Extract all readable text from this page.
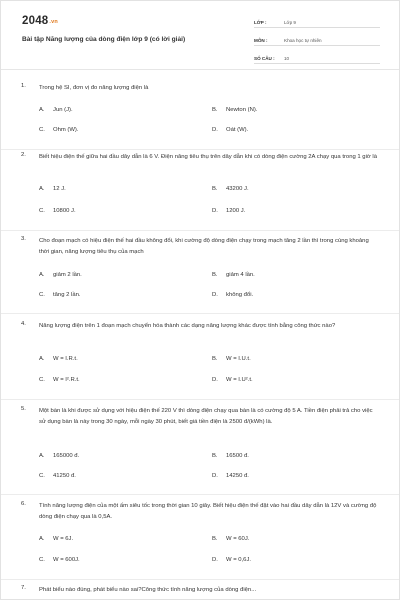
2048.vn
Bài tập Năng lượng của dòng điện lớp 9 (có lời giải)
LỚP :	Lớp 9
MÔN :	Khoa học tự nhiên
SỐ CÂU :	10
1. Trong hệ SI, đơn vị đo năng lượng điện là
A. Jun (J).	B. Newton (N).
C. Ohm (W).	D. Oát (W).
2. Biết hiệu điện thế giữa hai đầu dây dẫn là 6 V. Điện năng tiêu thụ trên dây dẫn khi có dòng điện cường 2A chạy qua trong 1 giờ là
A. 12 J.	B. 43200 J.
C. 10800 J.	D. 1200 J.
3. Cho đoạn mạch có hiệu điện thế hai đầu không đổi, khi cường độ dòng điện chạy trong mạch tăng 2 lần thì trong cùng khoảng thời gian, năng lượng tiêu thụ của mạch
A. giảm 2 lần.	B. giảm 4 lần.
C. tăng 2 lần.	D. không đổi.
4. Năng lượng điện trên 1 đoạn mạch chuyển hóa thành các dạng năng lượng khác được tính bằng công thức nào?
A. W = I.R.t.	B. W = I.U.t.
C. W = I².R.t.	D. W = I.U².t.
5. Một bàn là khi được sử dụng với hiệu điện thế 220 V thì dòng điện chạy qua bàn là có cường độ 5 A. Tiền điện phải trả cho việc sử dụng bàn là này trong 30 ngày, mỗi ngày 30 phút, biết giá tiền điện là 2500 đ/(kWh) là.
A. 165000 đ.	B. 16500 đ.
C. 41250 đ.	D. 14250 đ.
6. Tính năng lượng điện của một ấm siêu tốc trong thời gian 10 giây. Biết hiệu điện thế đặt vào hai đầu dây dẫn là 12V và cường độ dòng điện chạy qua là 0,5A.
A. W = 6J.	B. W = 60J.
C. W = 600J.	D. W = 0,6J.
7. Phát biểu nào đúng, phát biểu nào sai?Công thức tính năng lượng của dòng điện...
